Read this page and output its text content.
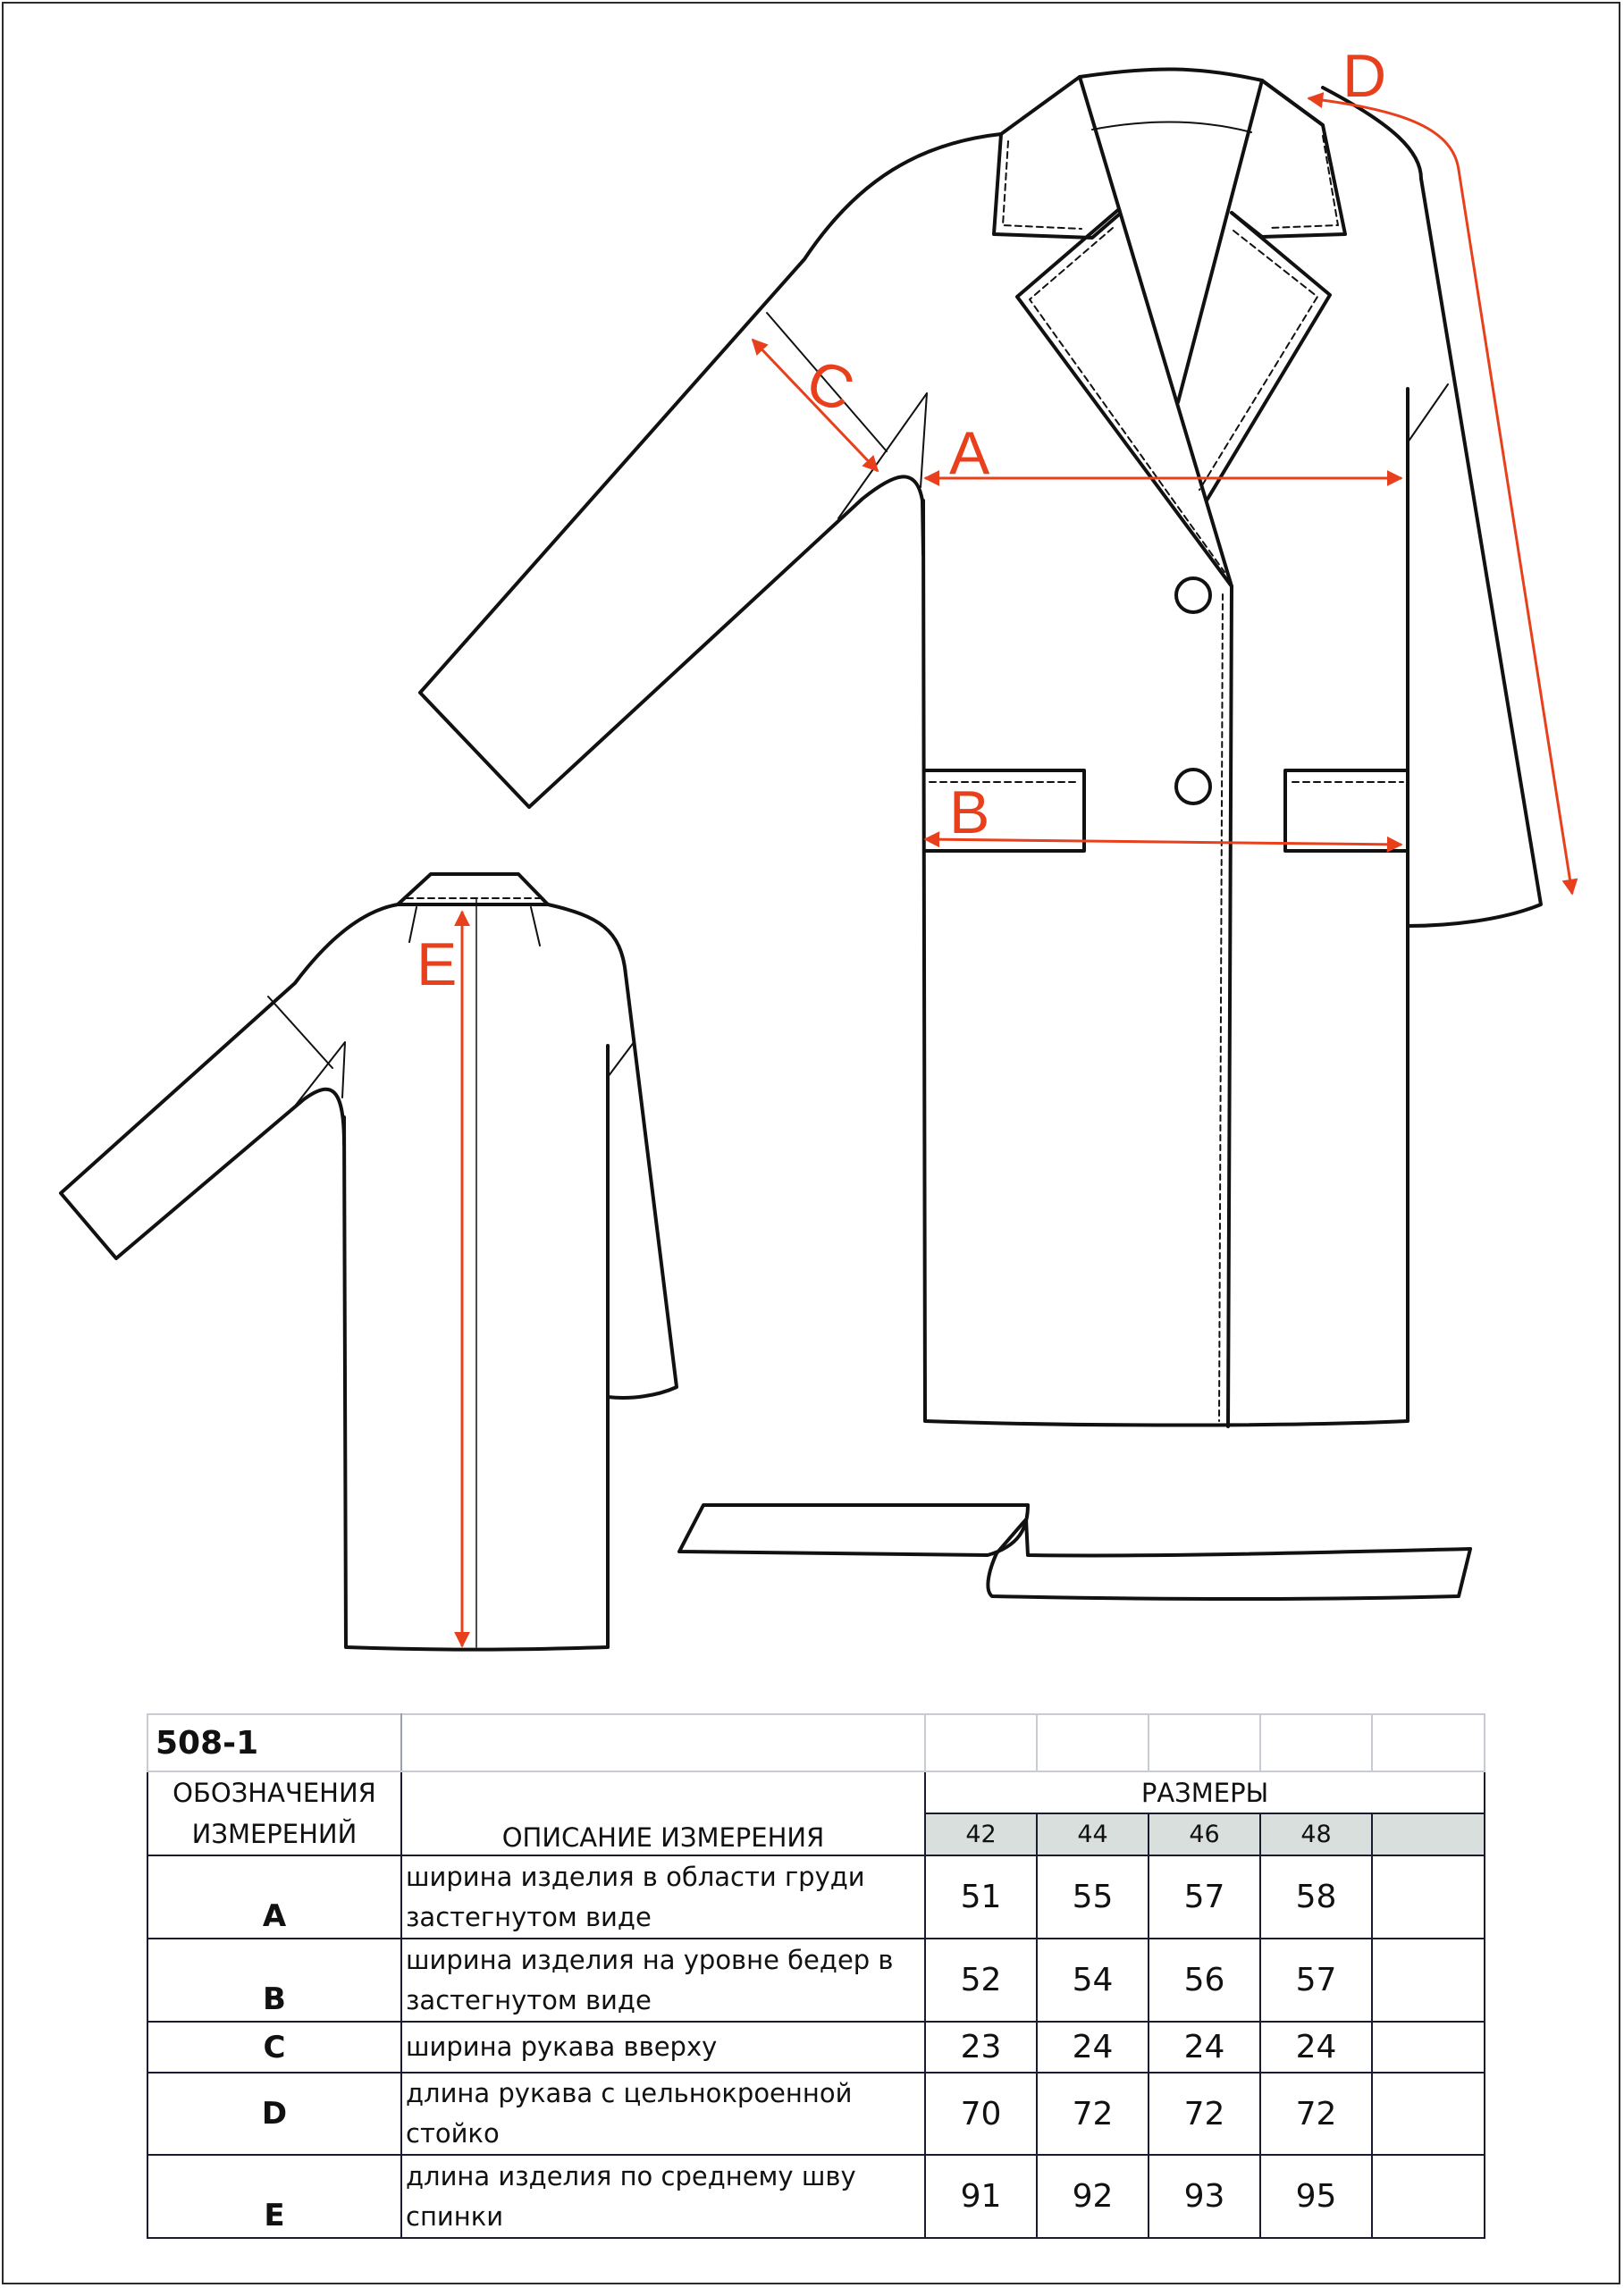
A
B
C
D
E
508-1						
ОБОЗНАЧЕНИЯ ИЗМЕРЕНИЙ	ОПИСАНИЕ ИЗМЕРЕНИЯ	РАЗМЕРЫ				
		42	44	46	48	
A	ширина изделия в области груди застегнутом виде	51	55	57	58	
B	ширина изделия на уровне бедер в застегнутом виде	52	54	56	57	
C	ширина рукава вверху	23	24	24	24	
D	длина рукава с цельнокроенной стойко	70	72	72	72	
E	длина изделия по среднему шву спинки	91	92	93	95	
